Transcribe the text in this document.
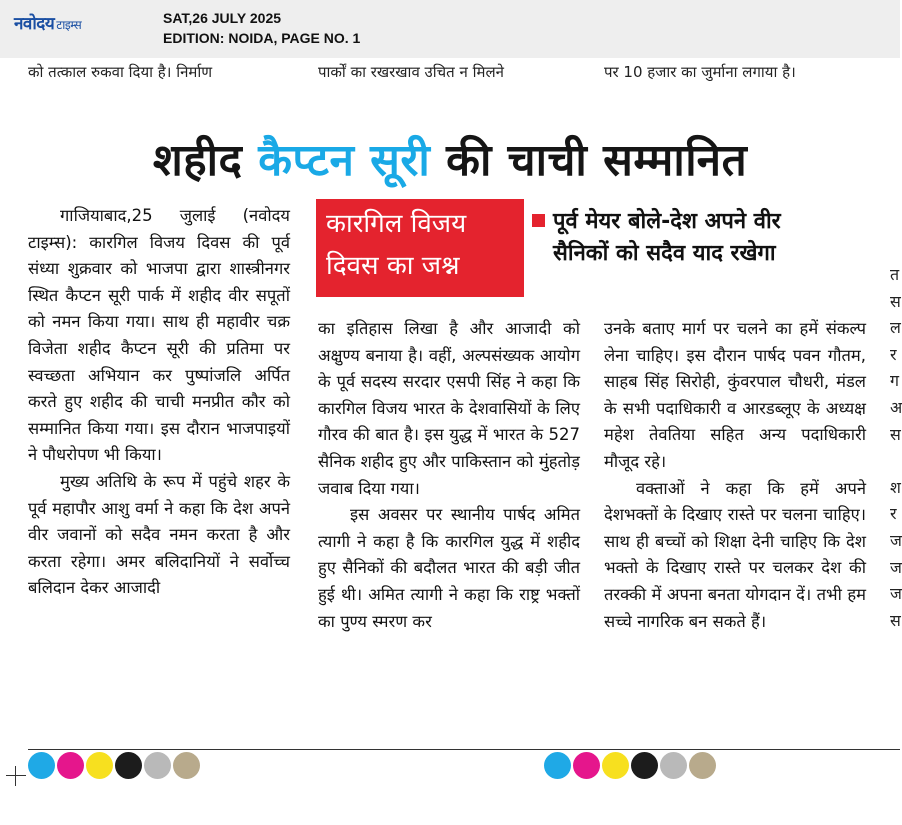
नवोदय टाइम्स	SAT,26 JULY 2025
EDITION: NOIDA, PAGE NO. 1
को तत्काल रुकवा दिया है। निर्माण	पार्कों का रखरखाव उचित न मिलने	पर 10 हजार का जुर्माना लगाया है।
शहीद कैप्टन सूरी की चाची सम्मानित
कारगिल विजय
दिवस का जश्न
पूर्व मेयर बोले-देश अपने वीर
सैनिकों को सदैव याद रखेगा

गाजियाबाद,25 जुलाई (नवोदय टाइम्स): कारगिल विजय दिवस की पूर्व संध्या शुक्रवार को भाजपा द्वारा शास्त्रीनगर स्थित कैप्टन सूरी पार्क में शहीद वीर सपूतों को नमन किया गया। साथ ही महावीर चक्र विजेता शहीद कैप्टन सूरी की प्रतिमा पर स्वच्छता अभियान कर पुष्पांजलि अर्पित करते हुए शहीद की चाची मनप्रीत कौर को सम्मानित किया गया। इस दौरान भाजपाइयों ने पौधरोपण भी किया।

मुख्य अतिथि के रूप में पहुंचे शहर के पूर्व महापौर आशु वर्मा ने कहा कि देश अपने वीर जवानों को सदैव नमन करता है और करता रहेगा। अमर बलिदानियों ने सर्वोच्च बलिदान देकर आजादी

का इतिहास लिखा है और आजादी को अक्षुण्य बनाया है। वहीं, अल्पसंख्यक आयोग के पूर्व सदस्य सरदार एसपी सिंह ने कहा कि कारगिल विजय भारत के देशवासियों के लिए गौरव की बात है। इस युद्ध में भारत के 527 सैनिक शहीद हुए और पाकिस्तान को मुंहतोड़ जवाब दिया गया।

इस अवसर पर स्थानीय पार्षद अमित त्यागी ने कहा है कि कारगिल युद्ध में शहीद हुए सैनिकों की बदौलत भारत की बड़ी जीत हुई थी। अमित त्यागी ने कहा कि राष्ट्र भक्तों का पुण्य स्मरण कर

उनके बताए मार्ग पर चलने का हमें संकल्प लेना चाहिए। इस दौरान पार्षद पवन गौतम, साहब सिंह सिरोही, कुंवरपाल चौधरी, मंडल के सभी पदाधिकारी व आरडब्लूए के अध्यक्ष महेश तेवतिया सहित अन्य पदाधिकारी मौजूद रहे।

वक्ताओं ने कहा कि हमें अपने देशभक्तों के दिखाए रास्ते पर चलना चाहिए। साथ ही बच्चों को शिक्षा देनी चाहिए कि देश भक्तो के दिखाए रास्ते पर चलकर देश की तरक्की में अपना बनता योगदान दें। तभी हम सच्चे नागरिक बन सकते हैं।

त
स
ल
र
ग
अ
स

श
र
ज
ज
ज
स
